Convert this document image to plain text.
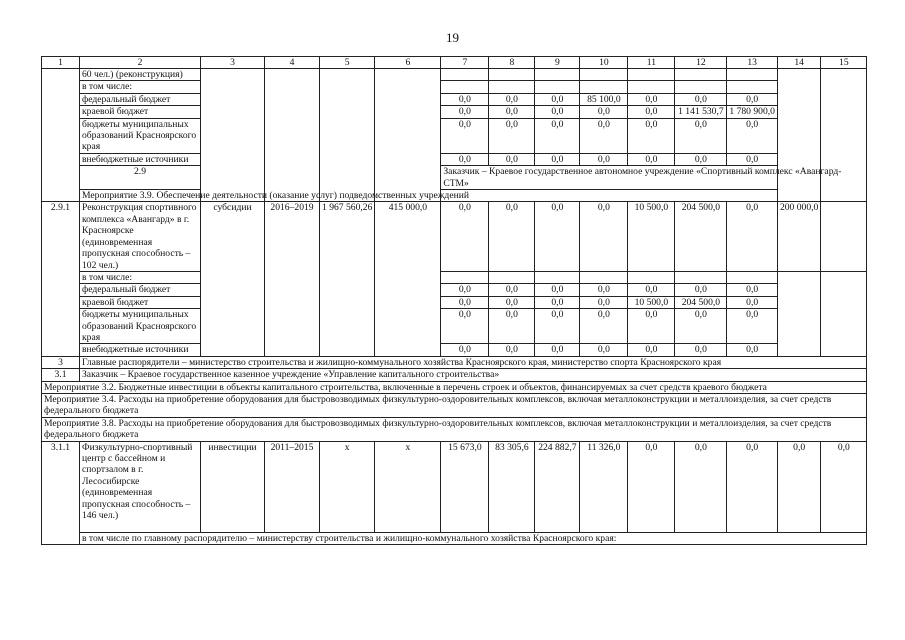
19
1	2	3	4	5	6	7	8	9	10	11	12	13	14	15
	60 чел.) (реконструкция)													
	в том числе:													
	федеральный бюджет					0,0	0,0	0,0	85 100,0	0,0	0,0	0,0		
	краевой бюджет					0,0	0,0	0,0	0,0	0,0	1 141 530,7	1 780 900,0		
	бюджеты муниципальных образований Красноярского края					0,0	0,0	0,0	0,0	0,0	0,0	0,0		
	внебюджетные источники					0,0	0,0	0,0	0,0	0,0	0,0	0,0		
	2.9					Заказчик – Краевое государственное автономное учреждение «Спортивный комплекс «Авангард-СТМ»								
	Мероприятие 3.9. Обеспечение деятельности (оказание услуг) подведомственных учреждений													
2.9.1	Реконструкция спортивного комплекса «Авангард» в г. Красноярске (единовременная пропускная способность – 102 чел.)	субсидии	2016–2019	1 967 560,26	415 000,0	0,0	0,0	0,0	0,0	10 500,0	204 500,0	0,0	200 000,0	
	в том числе:													
	федеральный бюджет					0,0	0,0	0,0	0,0	0,0	0,0	0,0		
	краевой бюджет					0,0	0,0	0,0	0,0	10 500,0	204 500,0	0,0		
	бюджеты муниципальных образований Красноярского края					0,0	0,0	0,0	0,0	0,0	0,0	0,0		
	внебюджетные источники					0,0	0,0	0,0	0,0	0,0	0,0	0,0		
3	Главные распорядители – министерство строительства и жилищно-коммунального хозяйства Красноярского края, министерство спорта Красноярского края													
3.1	Заказчик – Краевое государственное казенное учреждение «Управление капитального строительства»													
Мероприятие 3.2. Бюджетные инвестиции в объекты капитального строительства, включенные в перечень строек и объектов, финансируемых за счет средств краевого бюджета														
Мероприятие 3.4. Расходы на приобретение оборудования для быстровозводимых физкультурно-оздоровительных комплексов, включая металлоконструкции и металлоизделия, за счет средств федерального бюджета														
Мероприятие 3.8. Расходы на приобретение оборудования для быстровозводимых физкультурно-оздоровительных комплексов, включая металлоконструкции и металлоизделия, за счет средств федерального бюджета														
3.1.1	Физкультурно-спортивный центр с бассейном и спортзалом в г. Лесосибирске (единовременная пропускная способность – 146 чел.)	инвестиции	2011–2015	х	х	15 673,0	83 305,6	224 882,7	11 326,0	0,0	0,0	0,0	0,0	0,0
	в том числе по главному распорядителю – министерству строительства и жилищно-коммунального хозяйства Красноярского края:													
